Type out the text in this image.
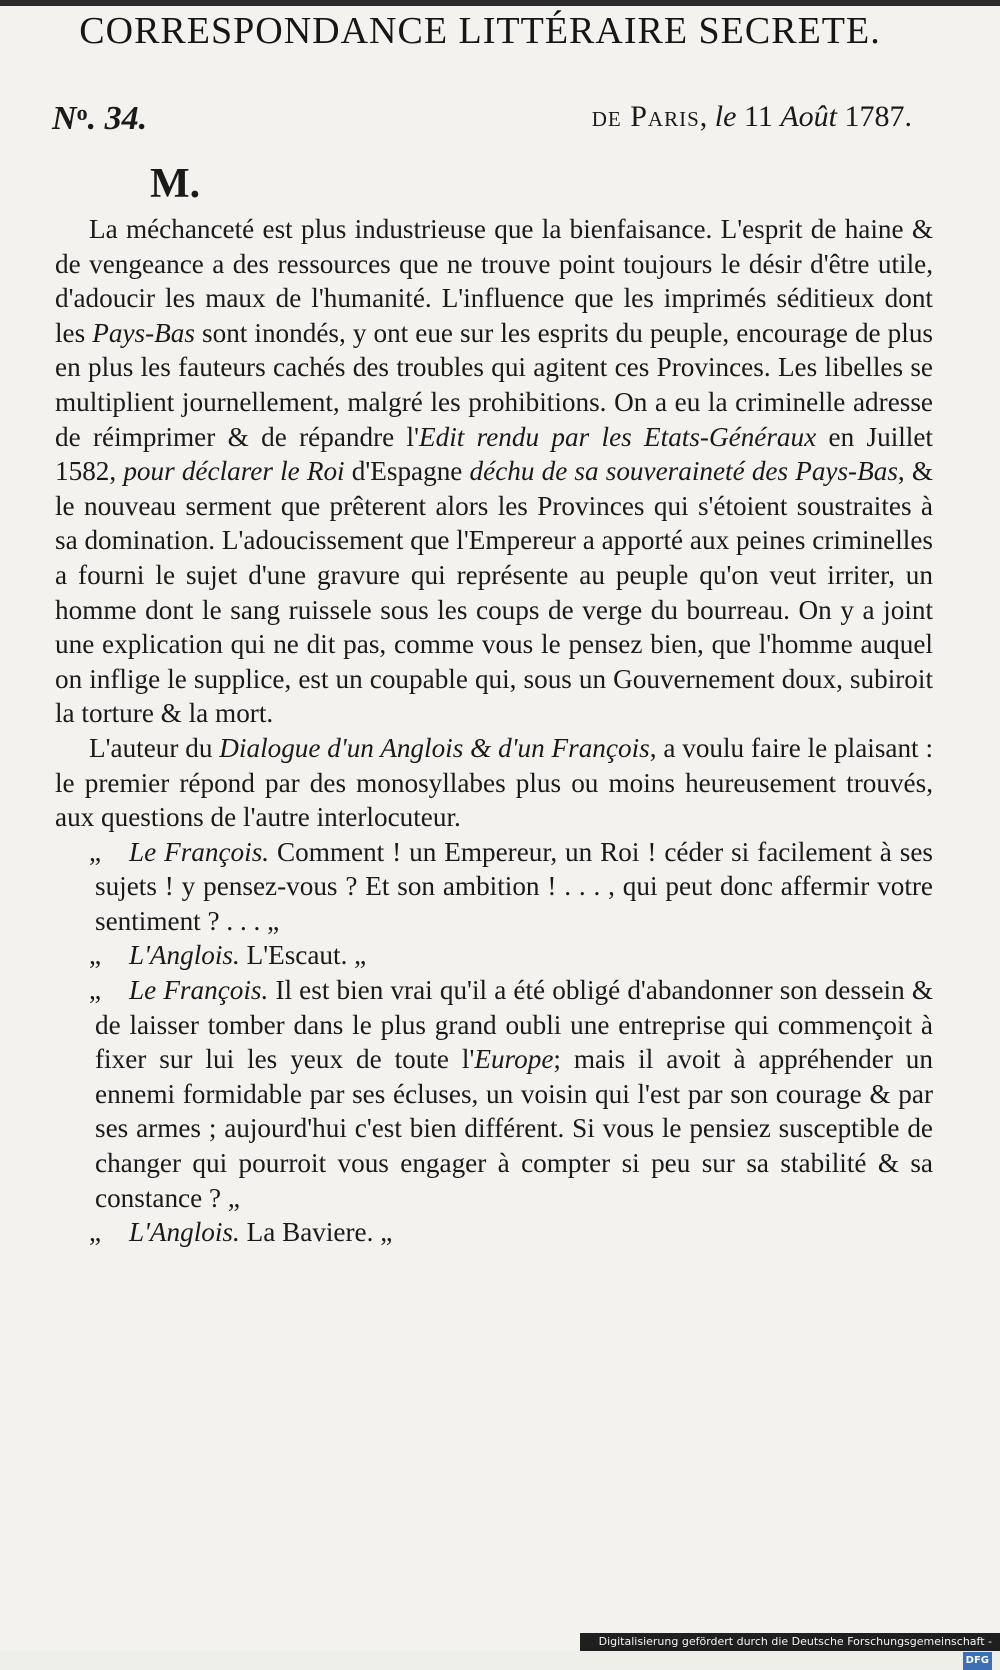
CORRESPONDANCE LITTÉRAIRE SECRETE.
$N^o$. 34.	de Paris, le 11 Août 1787.
M.

La méchanceté est plus industrieuse que la bienfaisance. L'esprit de haine & de vengeance a des ressources que ne trouve point toujours le désir d'être utile, d'adoucir les maux de l'humanité. L'influence que les imprimés séditieux dont les Pays-Bas sont inondés, y ont eue sur les esprits du peuple, encourage de plus en plus les fauteurs cachés des troubles qui agitent ces Provinces. Les libelles se multiplient journellement, malgré les prohibitions. On a eu la criminelle adresse de réimprimer & de répandre l'Edit rendu par les Etats-Généraux en Juillet 1582, pour déclarer le Roi d'Espagne déchu de sa souveraineté des Pays-Bas, & le nouveau serment que prêterent alors les Provinces qui s'étoient soustraites à sa domination. L'adoucissement que l'Empereur a apporté aux peines criminelles a fourni le sujet d'une gravure qui représente au peuple qu'on veut irriter, un homme dont le sang ruissele sous les coups de verge du bourreau. On y a joint une explication qui ne dit pas, comme vous le pensez bien, que l'homme auquel on inflige le supplice, est un coupable qui, sous un Gouvernement doux, subiroit la torture & la mort.

L'auteur du Dialogue d'un Anglois & d'un François, a voulu faire le plaisant : le premier répond par des monosyllabes plus ou moins heureusement trouvés, aux questions de l'autre interlocuteur.

„ Le François. Comment ! un Empereur, un Roi ! céder si facilement à ses sujets ! y pensez-vous ? Et son ambition ! . . . , qui peut donc affermir votre sentiment ? . . . „

„ L'Anglois. L'Escaut. „

„ Le François. Il est bien vrai qu'il a été obligé d'abandonner son dessein & de laisser tomber dans le plus grand oubli une entreprise qui commençoit à fixer sur lui les yeux de toute l'Europe; mais il avoit à appréhender un ennemi formidable par ses écluses, un voisin qui l'est par son courage & par ses armes ; aujourd'hui c'est bien différent. Si vous le pensiez susceptible de changer qui pourroit vous engager à compter si peu sur sa stabilité & sa constance ? „

„ L'Anglois. La Baviere. „

Digitalisierung gefördert durch die Deutsche Forschungsgemeinschaft -DFG
